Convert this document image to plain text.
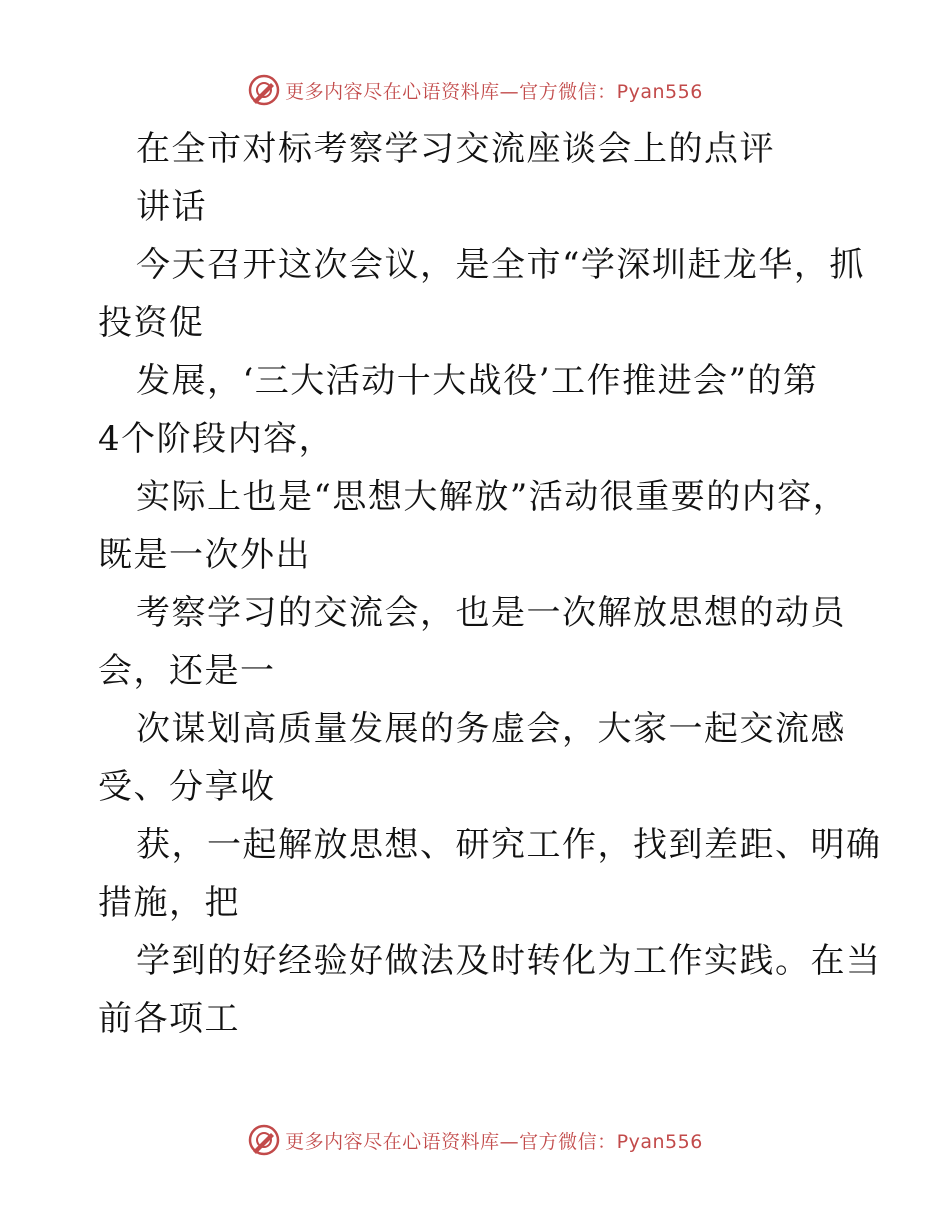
更多内容尽在心语资料库—官方微信：Pyan556
在全市对标考察学习交流座谈会上的点评
讲话
今天召开这次会议，是全市“学深圳赶龙华，抓
投资促
发展，‘三大活动十大战役’工作推进会”的第
4个阶段内容，
实际上也是“思想大解放”活动很重要的内容，
既是一次外出
考察学习的交流会，也是一次解放思想的动员
会，还是一
次谋划高质量发展的务虚会，大家一起交流感
受、分享收
获，一起解放思想、研究工作，找到差距、明确
措施，把
学到的好经验好做法及时转化为工作实践。在当
前各项工
更多内容尽在心语资料库—官方微信：Pyan556
